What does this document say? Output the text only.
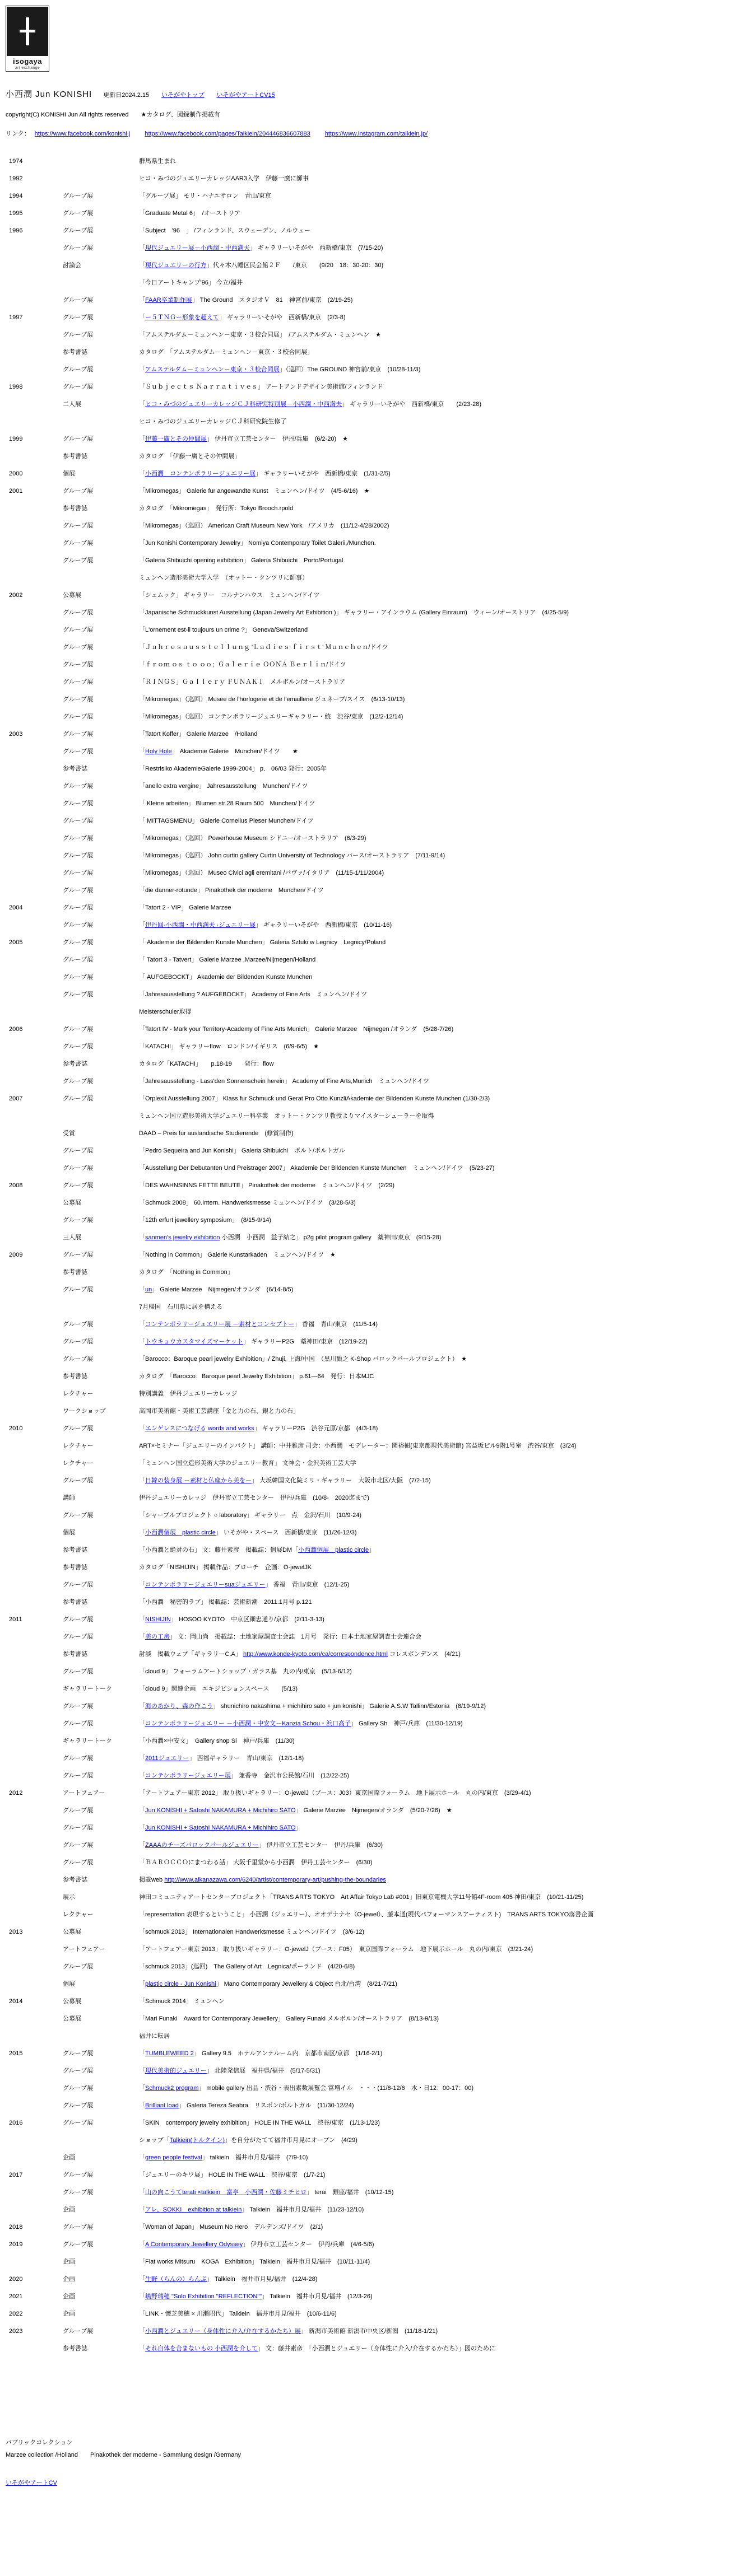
isogaya
art exchange
小西潤 Jun KONISHI 更新日2024.2.15 いそがやトップ いそがやアートCV15
copyright(C) KONISHI Jun All rights reserved ★カタログ、図録制作掲載有
リンク： https://www.facebook.com/konishi.j https://www.facebook.com/pages/Talkiein/204446836607883 https://www.instagram.com/talkiein.jp/
1974	群馬県生まれ
1992	ヒコ・みづのジュエリーカレッジAAR3入学　伊藤一廣に師事
1994	グループ展	「グループ展」 モリ・ハナエサロン　青山/東京
1995	グループ展	「Graduate Metal 6」　/オーストリア
1996	グループ展	「Subject　'96　」 /フィンランド、スウェーデン、ノルウェー
グループ展	「現代ジュエリー展－小西潤・中西満夫」 ギャラリーいそがや　西新橋/東京　(7/15-20)
討論会	「現代ジュエリーの行方」代々木八幡区民会館２Ｆ　　/東京　　(9/20　18：30-20：30)
「今日アートキャンプ'96」 今立/福井
グループ展	「FAAR卒業制作展」 The Ground　スタジオＶ　81　神宮前/東京　(2/19-25)
1997	グループ展	「ー５ＴＮＧー形象を超えて」 ギャラリーいそがや　西新橋/東京　(2/3-8)
グループ展	「アムステルダム－ミュンヘン－東京・３校合同展」　/アムステルダム・ミュンヘン　★
参考書誌	カタログ　「アムステルダム－ミュンヘン－東京・３校合同展」
グループ展	「アムステルダム－ミュンヘン－東京・３校合同展」（巡回）The GROUND 神宮前/東京　(10/28-11/3)
1998	グループ展	「Ｓｕｂｊｅｃｔｓ Ｎａｒｒａｔｉｖｅｓ」 アートアンドデザイン美術館/フィンランド
二人展	「ヒコ・みづのジュエリーカレッジＣＪ科研究特別展－小西潤・中西満夫」 ギャラリーいそがや　西新橋/東京　　(2/23-28)
ヒコ・みづのジュエリーカレッジＣＪ科研究院生修了
1999	グループ展	「伊藤一廣とその仲間展」 伊丹市立工芸センター　伊丹/兵庫　(6/2-20)　★
参考書誌	カタログ　「伊藤一廣とその仲間展」
2000	個展	「小西潤　コンテンポラリージュエリー展」 ギャラリーいそがや　西新橋/東京　(1/31-2/5)
2001	グループ展	「Mikromegas」 Galerie fur angewandte Kunst　ミュンヘン/ドイツ　(4/5-6/16)　★
参考書誌	カタログ　「Mikromegas」　発行所：Tokyo Brooch.rpold
グループ展	「Mikromegas」（巡回） American Craft Museum New York　/アメリカ　(11/12-4/28/2002)
グループ展	「Jun Konishi Contemporary Jewelry」 Nomiya Contemporary Toilet Galerii,/Munchen.
グループ展	「Galeria Shibuichi opening exhibition」 Galeria Shibuichi　Porto/Portugal
ミュンヘン造形美術大学入学　（オットー・クンツリに師事）
2002	公募展	「シュムック」 ギャラリー　コルナンハウス　ミュンヘン/ドイツ
グループ展	「Japanische Schmuckkunst Ausstellung (Japan Jewelry Art Exhibition )」 ギャラリー・アインラウム (Gallery Einraum)　ウィーン/オーストリア　(4/25-5/9)
グループ展	「L'ornement est-il toujours un crime ?」 Geneva/Switzerland
グループ展	「Ｊａｈｒｅｓａｕｓｓｔｅｌｌｕｎｇ 'Ｌａｄｉｅｓ ｆｉｒｓｔ' Ｍｕｎｃｈｅｎ/ドイツ
グループ展	「ｆｒｏｍ ｏｓ ｔｏ ｏｏ；Ｇａｌｅｒｉｅ ＯＯＮＡ Ｂｅｒｌｉｎ/ドイツ
グループ展	「ＲＩＮＧＳ」Ｇａｌｌｅｒｙ ＦＵＮＡＫＩ　メルボルン/オーストラリア
グループ展	「Mikromegas」（巡回） Musee de l'horlogerie et de l'emaillerie ジュネーブ/スイス　(6/13-10/13)
グループ展	「Mikromegas」（巡回） コンテンポラリージュエリーギャラリー・統　渋谷/東京　(12/2-12/14)
2003	グループ展	「Tatort Koffer」 Galerie Marzee　/Holland
グループ展	「Holy Hole」 Akademie Galerie　Munchen/ドイツ　　★
参考書誌	「Restrisiko AkademieGalerie 1999-2004」 p． 06/03 発行：2005年
グループ展	「anello extra vergine」 Jahresausstellung　Munchen/ドイツ
グループ展	「 Kleine arbeiten」 Blumen str.28 Raum 500　Munchen/ドイツ
グループ展	「 MITTAGSMENU」 Galerie Cornelius Pleser Munchen/ドイツ
グループ展	「Mikromegas」（巡回） Powerhouse Museum シドニー/オーストラリア　(6/3-29)
グループ展	「Mikromegas」（巡回） John curtin gallery Curtin University of Technology パース/オーストラリア　(7/11-9/14)
グループ展	「Mikromegas」（巡回） Museo Civici agli eremitani /パヴァ/イタリア　(11/15-1/11/2004)
グループ展	「die danner-rotunde」 Pinakothek der moderne　Munchen/ドイツ
2004	グループ展	「Tatort 2 - VIP」 Galerie Marzee
グループ展	「伊丹回-小西潤・中西満夫 ·ジュエリー展」 ギャラリーいそがや　西新橋/東京　(10/11-16)
2005	グループ展	「 Akademie der Bildenden Kunste Munchen」 Galeria Sztuki w Legnicy　Legnicy/Poland
グループ展	「 Tatort 3 - Tatvert」 Galerie Marzee ,Marzee/Nijmegen/Holland
グループ展	「 AUFGEBOCKT」 Akademie der Bildenden Kunste Munchen
グループ展	「Jahresausstellung ? AUFGEBOCKT」 Academy of Fine Arts　ミュンヘン/ドイツ
Meisterschuler取得
2006	グループ展	「Tatort IV - Mark your Territory-Academy of Fine Arts Munich」 Galerie Marzee　Nijmegen /オランダ　(5/28-7/26)
グループ展	「KATACHI」 ギャラリーflow　ロンドン/イギリス　(6/9-6/5)　★
参考書誌	カタログ「KATACHI」　　p.18-19　　発行：flow
グループ展	「Jahresausstellung - Lass'den Sonnenschein herein」 Academy of Fine Arts,Munich　ミュンヘン/ドイツ
2007	グループ展	「Orplexit Ausstellung 2007」 Klass fur Schmuck und Gerat Pro Otto KunzliAkademie der Bildenden Kunste Munchen (1/30-2/3)
ミュンヘン国立造形美術大学ジュエリー科卒業　オットー・クンツリ教授よりマイスターシューラーを取得
受賞	DAAD – Preis fur auslandische Studierende　(修賞制作)
グループ展	「Pedro Sequeira and Jun Konishi」 Galeria Shibuichi　ポルト/ポルトガル
グループ展	「Ausstellung Der Debutanten Und Preistrager 2007」 Akademie Der Bildenden Kunste Munchen　ミュンヘン/ドイツ　(5/23-27)
2008	グループ展	「DES WAHNSINNS FETTE BEUTE」 Pinakothek der moderne　ミュンヘン/ドイツ　(2/29)
公募展	「Schmuck 2008」 60.Intern. Handwerksmesse ミュンヘン/ドイツ　(3/28-5/3)
グループ展	「12th erfurt jewellery symposium」　(8/15-9/14)
三人展	「sanmen's jewelry exhibition 小西潤　小西潤　益子結之」 p2g pilot program gallery　薬神田/東京　(9/15-28)
2009	グループ展	「Nothing in Common」 Galerie Kunstarkaden　ミュンヘン/ドイツ　★
参考書誌	カタログ　「Nothing in Common」
グループ展	「un」 Galerie Marzee　Nijmegen/オランダ　(6/14-8/5)
7月帰国　石川県に居を構える
グループ展	「コンテンポラリージュエリー展 －素材とコンセプトー」 香福　青山/東京　(11/5-14)
グループ展	「トウキョウカスタマイズマーケット」 ギャラリーP2G　薬神田/東京　(12/19-22)
グループ展	「Barocco：Baroque pearl jewelry Exhibition」/ Zhuji, 上海/中国　（黒川甄之 K-Shop バロックパールプロジェクト）　★
参考書誌	カタログ　「Barocco：Baroque pearl Jewelry Exhibition」 p.61—64　発行：日本MJC
レクチャー	特別講義　伊丹ジュエリーカレッジ
ワークショップ	高岡市美術館・美術工芸講座「金と力の石、銀と力の石」
2010	グループ展	「エンゲレスにつなげる words and works」 ギャラリーP2G　渋谷元原/京都　(4/3-18)
レクチャー	ART×セミナー「ジュエリーのインパクト」 講師：中井雅彦 司会：小西潤　モデレーター：関裕樹(東京都現代美術館) 宮益坂ビル9階1号室　渋谷/東京　(3/24)
レクチャー	「ミュンヘン国立造形美術大学のジュエリー教育」 文神会・金沢美術工芸大学
グループ展	「日韓の装身展 －素材と仏座から美を－」 大坂韓国文化院ミリ・ギャラリー　大阪市北区/大阪　(7/2-15)
講師	伊丹ジュエリーカレッジ　伊丹市立工芸センター　伊丹/兵庫　(10/8-　2020迄まで)
グループ展	「シャープルプロジェクト ○ laboratory」 ギャラリー　点　金沢/石川　(10/9-24)
個展	「小西潤個展　plastic circle」 いそがや・スペース　西新橋/東京　(11/26-12/3)
参考書誌	「小西潤と絶対の石」 文：藤井素彦　掲載誌：個展DM「小西潤個展　plastic circle」
参考書誌	カタログ「NISHIJIN」 掲載作品：ブローチ　企画：O-jewelJK
グループ展	「コンテンポラリージュエリーsuaジュエリー」 香福　青山/東京　(12/1-25)
参考書誌	「小西潤　秘密的ラブ」 掲載誌：芸術新潮　2011.1月号 p.121
2011	グループ展	「NISHIJIN」 HOSOO KYOTO　中京区細忠通り/京都　(2/11-3-13)
グループ展	「美の工房」 文：岡山尚　掲載誌：土地家屋調査士会誌　1月号　発行：日本土地家屋調査士会連合会
参考書誌	討談　掲載ウェブ「ギャラリーC.A」 http://www.konde-kyoto.com/ca/correspondence.html コレスポンデンス　(4/21)
グループ展	「cloud 9」 フォーラムアートショップ・ガラス基　丸の内/東京　(5/13-6/12)
ギャラリートーク	「cloud 9」関連企画　エキジビションスペース　　(5/13)
グループ展	「海のあかり、森の作こう」 shunichiro nakashima + michihiro sato + jun konishi」 Galerie A.S.W Tallinn/Estonia　(8/19-9/12)
グループ展	「コンテンポラリージュエリー －小西潤・中安文－Kanzia Schou・浜口高子」 Gallery Sh　神戸/兵庫　(11/30-12/19)
ギャラリートーク	「小西潤×中安文」　Gallery shop Si　神戸/兵庫　(11/30)
グループ展	「2011ジュエリー」 西福ギャラリー　青山/東京　(12/1-18)
グループ展	「コンテンポラリージュエリー展」 兼香寺　金沢市公民館/石川　(12/22-25)
2012	アートフェアー	「アートフェアー東京 2012」 取り扱いギャラリー：O-jewelJ（ブース：J03）東京国際フォーラム　地下展示ホール　丸の内/東京　(3/29-4/1)
グループ展	「Jun KONISHI + Satoshi NAKAMURA + Michihiro SATO」 Galerie Marzee　Nijmegen/オランダ　(5/20-7/26)　★
グループ展	「Jun KONISHI + Satoshi NAKAMURA + Michihiro SATO」
グループ展	「ZAAAのチーズバロックパールジュエリー」 伊丹市立工芸センター　伊丹/兵庫　(6/30)
グループ展	「ＢＡＲＯＣＣＯにまつわる話」 大阪千里堂から小西潤　伊丹工芸センター　(6/30)
参考書誌	掲載web http://www.aikanazawa.com/6240/artist/contemporary-art/pushing-the-boundaries
展示	神田コミュニティアートセンタープロジェクト「TRANS ARTS TOKYO　Art Affair Tokyo Lab #001」旧東京電機大学11号館4F-room 405 神田/東京　(10/21-11/25)
レクチャー	「representation 表現するということ」 小西潤（ジュエリー）、オオデナナセ（O-jewel）、藤本通(現代パフォーマンスアーティスト)　TRANS ARTS TOKYO落書企画
2013	公募展	「schmuck 2013」 Internationalen Handwerksmesse ミュンヘン/ドイツ　(3/6-12)
アートフェアー	「アートフェアー東京 2013」 取り扱いギャラリー：O-jewelJ（ブース：F05）　東京国際フォーラム　地下展示ホール　丸の内/東京　(3/21-24)
グループ展	「schmuck 2013」(巡回)　The Gallery of Art　Legnica/ポーランド　(4/20-6/8)
個展	「plastic circle - Jun Konishi」 Mano Contemporary Jewellery & Object 台北/台湾　(8/21-7/21)
2014	公募展	「Schmuck 2014」 ミュンヘン
公募展	「Mari Funaki　Award for Contemporary Jewellery」 Gallery Funaki メルボルン/オーストラリア　(8/13-9/13)
福井に転居
2015	グループ展	「TUMBLEWEED 2」 Gallery 9.5　ホテルアンテルーム内　京都市南区/京都　(1/16-2/1)
グループ展	「現代美術的ジュエリー」 北陸発信展　福井県/福井　(5/17-5/31)
グループ展	「Schmuck2 program」 mobile gallery 出品・渋谷・表出素数展覧会 富増イル　・・・(11/8-12/6　水・日12：00-17：00)
グループ展	「Brilliant load」 Galeria Tereza Seabra　リスボン/ポルトガル　(11/30-12/24)
2016	グループ展	「SKIN　contempory jewelry exhibition」 HOLE IN THE WALL　渋谷/東京　(1/13-1/23)
ショップ「Talkiein(トルクイン)」を自分がたてて福井市月見にオープン　(4/29)
企画	「green people festival」 talkiein　福井市月見/福井　(7/9-10)
2017	グループ展	「ジュエリーのキワ展」 HOLE IN THE WALL　渋谷/東京　(1/7-21)
グループ展	「山の向こうてterati ×talkiein　富亭　小西潤・佐藤ミチヒロ」 terai　銀座/福井　(10/12-15)
企画	「アレ、SOKKI　exhibition at talkiein」 Talkiein　福井市月見/福井　(11/23-12/10)
2018	グループ展	「Woman of Japan」 Museum No Hero　デルデンズ/ドイツ　(2/1)
2019	グループ展	「A Contemporary Jewellery Odyssey」 伊丹市立工芸センター　伊丹/兵庫　(4/6-5/6)
企画	「Flat works Mitsuru　KOGA　Exhibition」 Talkiein　福井市月見/福井　(10/11-11/4)
2020	企画	「生野（らんの）らんぷ」 Talkiein　福井市月見/福井　(12/4-28)
2021	企画	「嶋野瑞穂 "Solo Exhibition "REFLECTION""」 Talkiein　福井市月見/福井　(12/3-26)
2022	企画	「LINK・懐芝美穂 × 川瀬昭代」 Talkiein　福井市月見/福井　(10/6-11/6)
2023	グループ展	「小西潤とジュエリー（身体性に介入/介在するかたち）展」 新潟市美術館 新潟市中央区/新潟　(11/18-1/21)
参考書誌	「それ自体を合まないもの 小西潤を介して」 文：藤井素彦　「小西潤とジュエリー（身体性に介入/介在するかたち）」図のために
パブリックコレクション
Marzee collection /Holland　　Pinakothek der moderne - Sammlung design /Germany
いそがやアートCV
